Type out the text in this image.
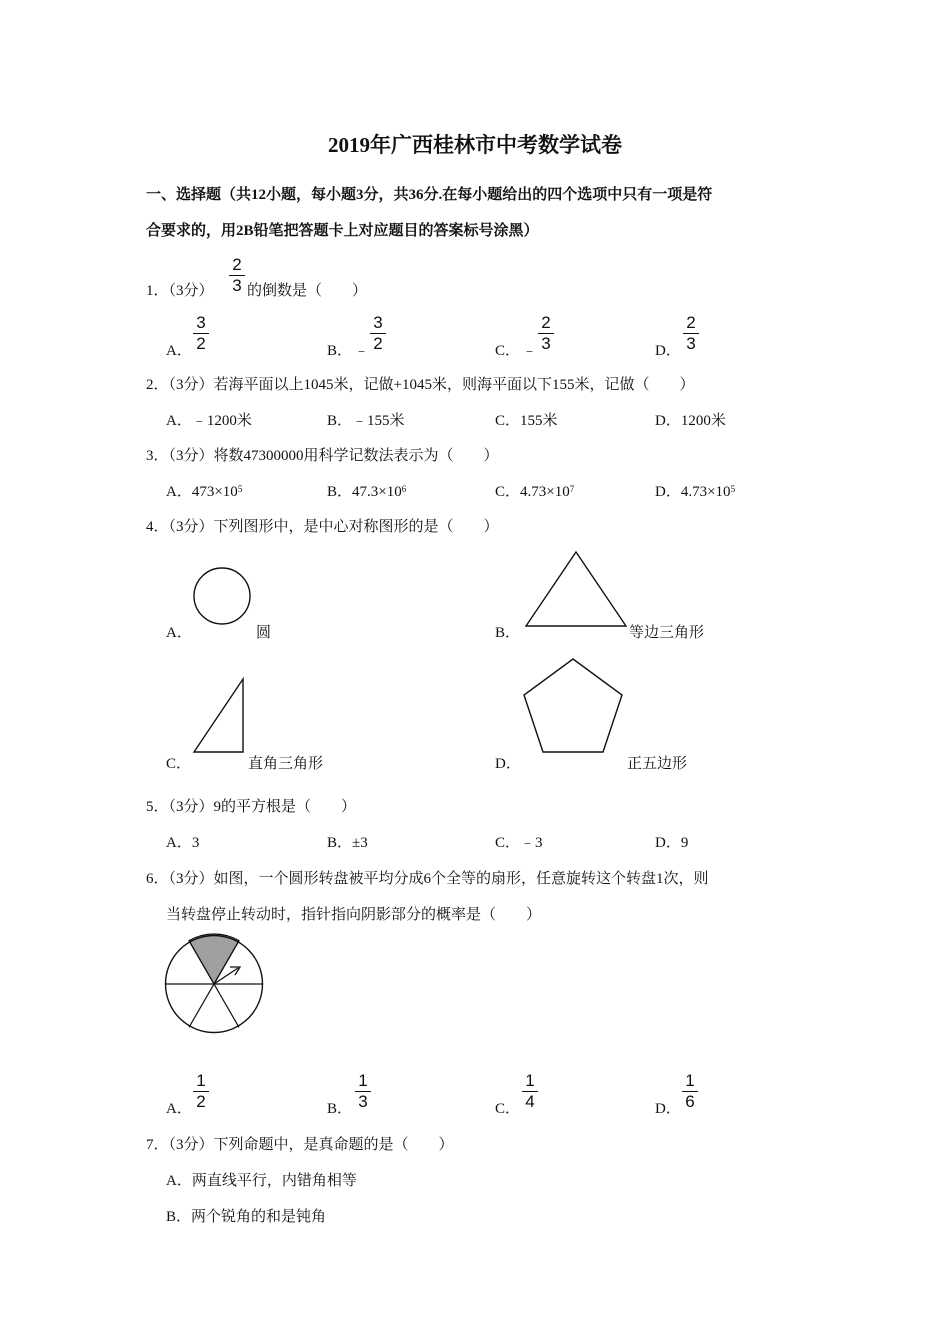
2019年广西桂林市中考数学试卷
一、选择题（共12小题，每小题3分，共36分.在每小题给出的四个选项中只有一项是符
合要求的，用2B铅笔把答题卡上对应题目的答案标号涂黑）
1．（3分）
2
3 的倒数是（　　）
A．
3
2	B． ﹣
3
2	C． ﹣
2
3	D．
2
3
2．（3分）若海平面以上1045米，记做+1045米，则海平面以下155米，记做（　　）
A．﹣1200米	B．﹣155米	C．155米	D．1200米
3．（3分）将数47300000用科学记数法表示为（　　）
A．$473\times 10^5$	B．$47.3\times 10^6$	C．$4.73\times 10^7$	D．$4.73\times 10^5$
4．（3分）下列图形中，是中心对称图形的是（　　）
A．	圆	B．	等边三角形
C．	直角三角形	D．	正五边形
5．（3分）9的平方根是（　　）
A．3	B．±3	C．﹣3	D．9
6．（3分）如图，一个圆形转盘被平均分成6个全等的扇形，任意旋转这个转盘1次，则
当转盘停止转动时，指针指向阴影部分的概率是（　　）
A．
1
2	B．
1
3	C．
1
4	D．
1
6
7．（3分）下列命题中，是真命题的是（　　）
A．两直线平行，内错角相等
B．两个锐角的和是钝角
